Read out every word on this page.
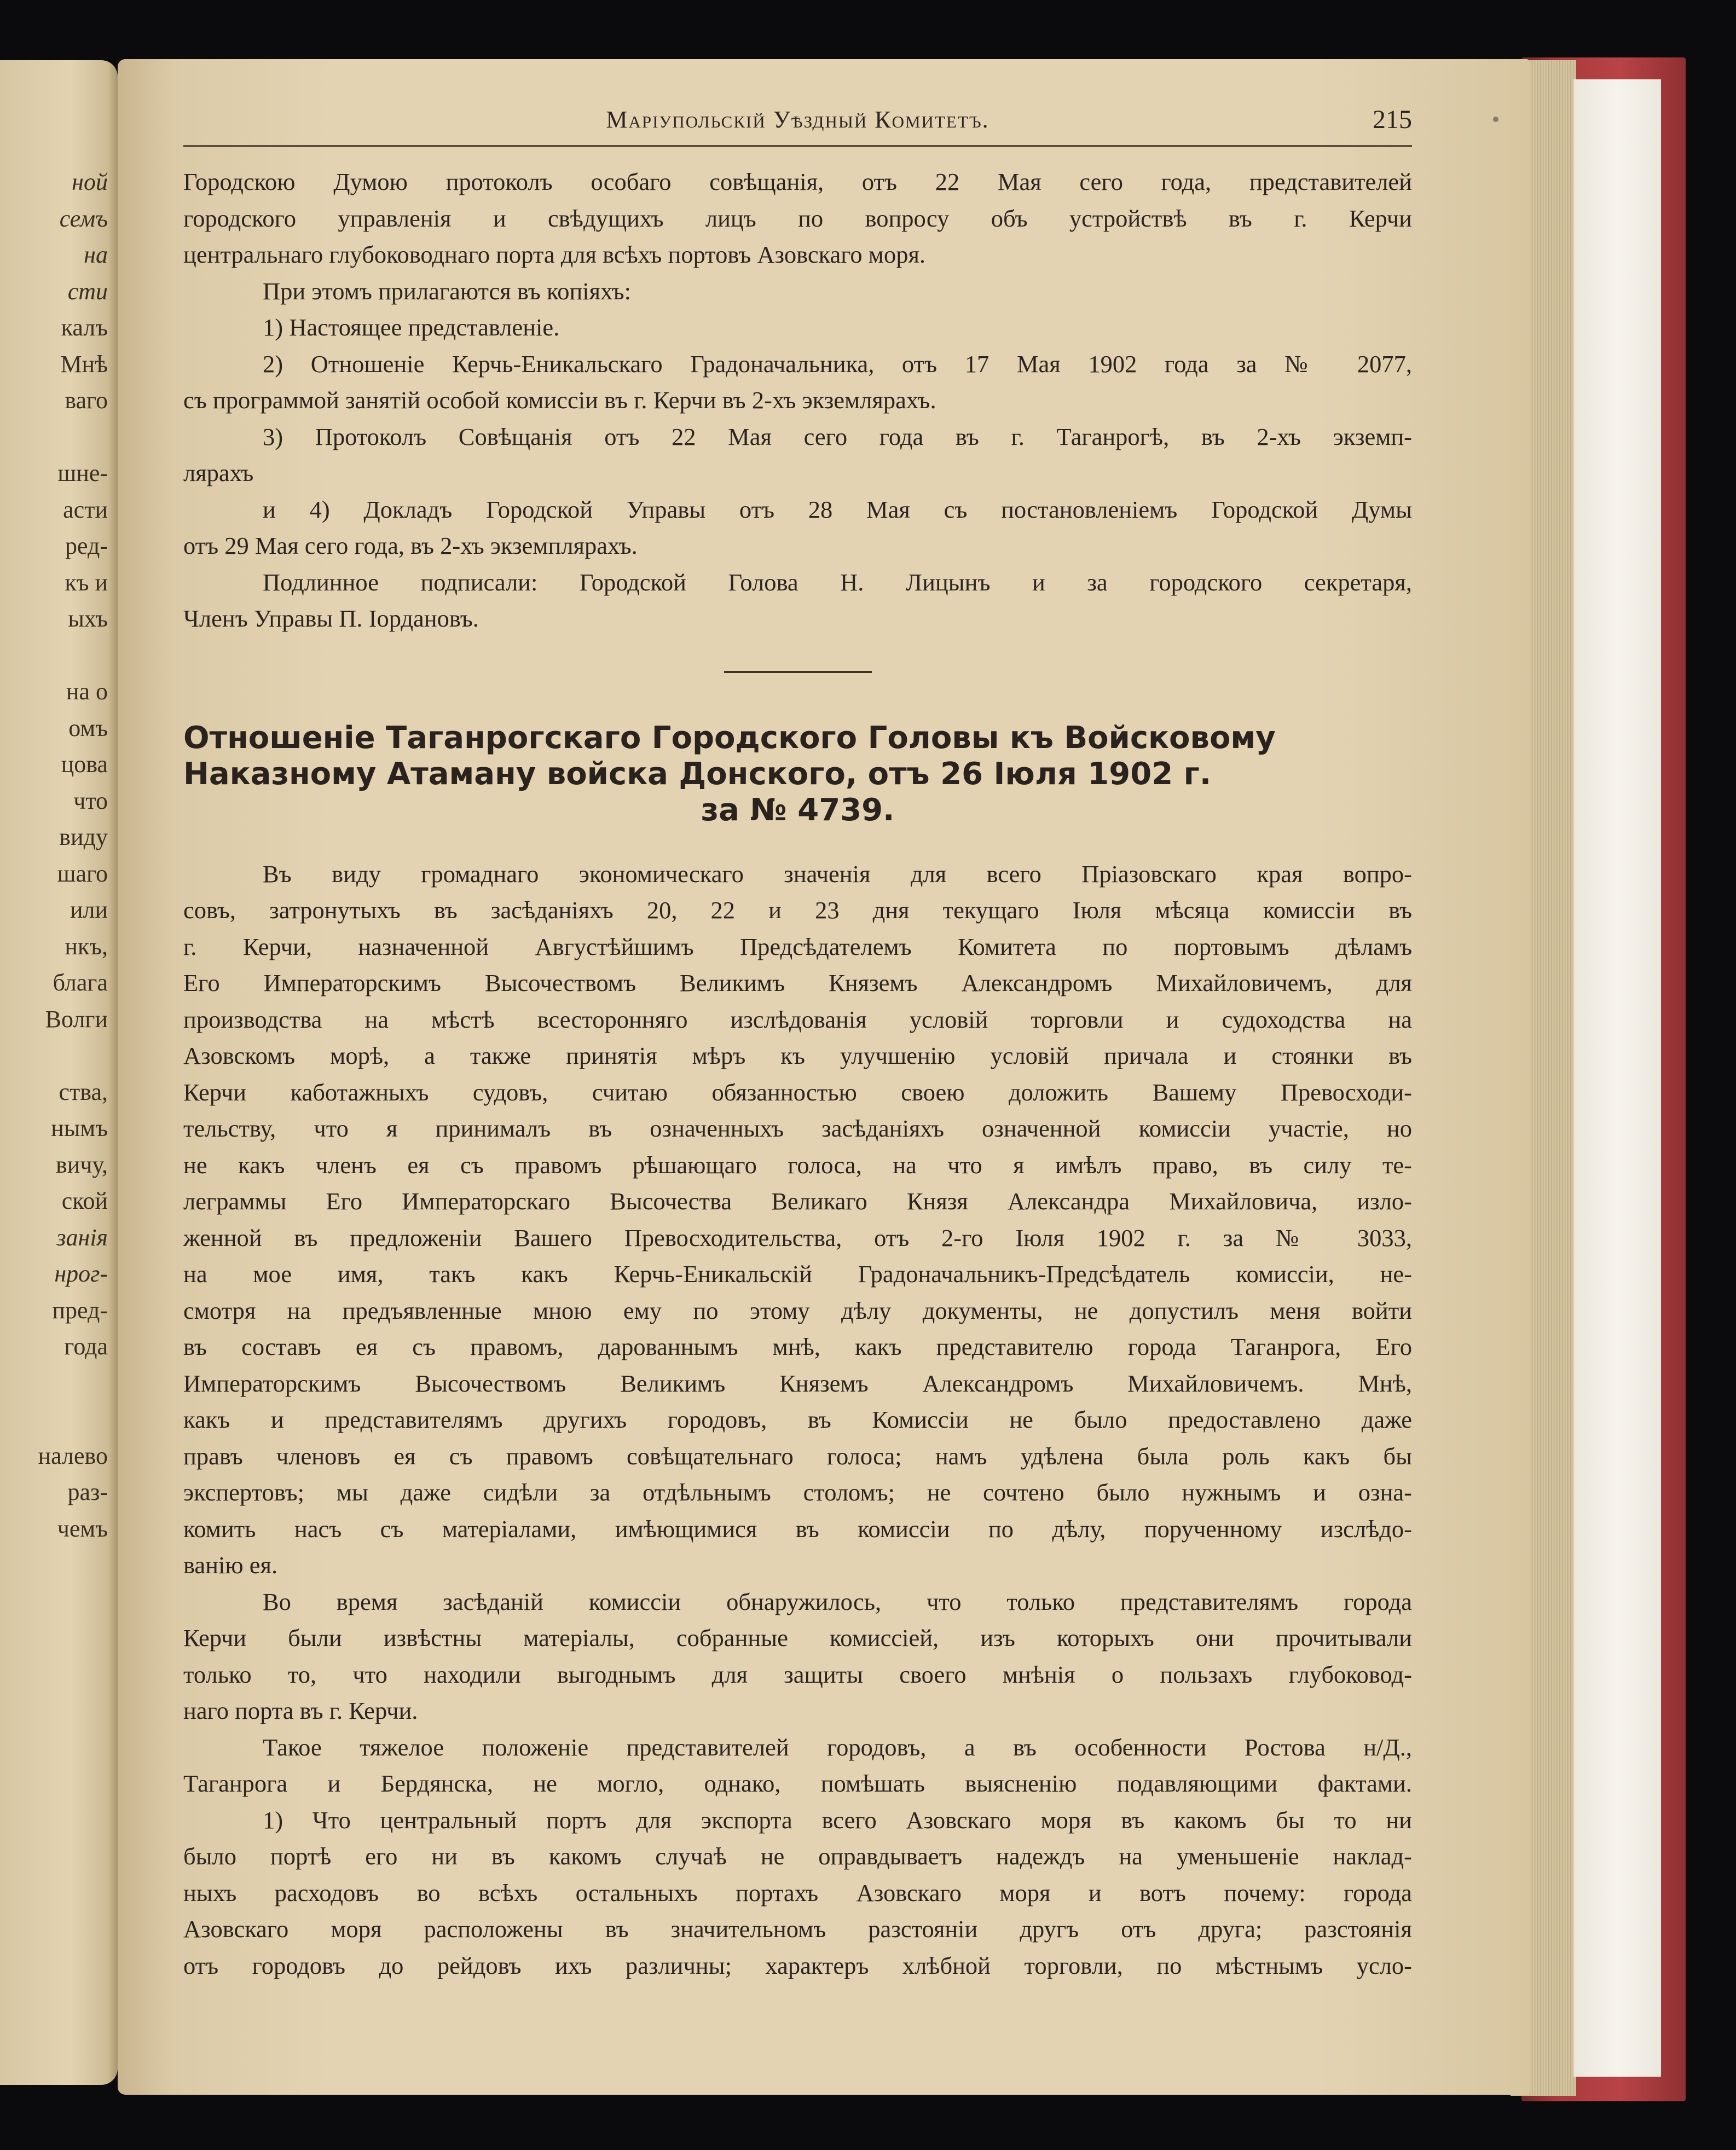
ной
семъ
на
сти
калъ
Мнѣ
ваго
шне-
асти
ред-
къ и
ыхъ
на о
омъ
цова
что
виду
шаго
или
нкъ,
блага
Волги
ства,
нымъ
вичу,
ской
занія
нрог-
пред-
года
налево
раз-
чемъ
Маріупольскій Уѣздный Комитетъ.	215
Городскою Думою протоколъ особаго совѣщанія, отъ 22 Мая сего года, представителей
городского управленія и свѣдущихъ лицъ по вопросу объ устройствѣ въ г. Керчи
центральнаго глубоководнаго порта для всѣхъ портовъ Азовскаго моря.
При этомъ прилагаются въ копіяхъ:
1) Настоящее представленіе.
2) Отношеніе Керчь-Еникальскаго Градоначальника, отъ 17 Мая 1902 года за № 2077,
съ программой занятій особой комиссіи въ г. Керчи въ 2-хъ экземлярахъ.
3) Протоколъ Совѣщанія отъ 22 Мая сего года въ г. Таганрогѣ, въ 2-хъ экземп-
лярахъ
и 4) Докладъ Городской Управы отъ 28 Мая съ постановленіемъ Городской Думы
отъ 29 Мая сего года, въ 2-хъ экземплярахъ.
Подлинное подписали: Городской Голова Н. Лицынъ и за городского секретаря,
Членъ Управы П. Іордановъ.
Отношеніе Таганрогскаго Городского Головы къ Войсковому
Наказному Атаману войска Донского, отъ 26 Іюля 1902 г.
за № 4739.
Въ виду громаднаго экономическаго значенія для всего Пріазовскаго края вопро-
совъ, затронутыхъ въ засѣданіяхъ 20, 22 и 23 дня текущаго Іюля мѣсяца комиссіи въ
г. Керчи, назначенной Августѣйшимъ Предсѣдателемъ Комитета по портовымъ дѣламъ
Его Императорскимъ Высочествомъ Великимъ Княземъ Александромъ Михайловичемъ, для
производства на мѣстѣ всесторонняго изслѣдованія условій торговли и судоходства на
Азовскомъ морѣ, а также принятія мѣръ къ улучшенію условій причала и стоянки въ
Керчи каботажныхъ судовъ, считаю обязанностью своею доложить Вашему Превосходи-
тельству, что я принималъ въ означенныхъ засѣданіяхъ означенной комиссіи участіе, но
не какъ членъ ея съ правомъ рѣшающаго голоса, на что я имѣлъ право, въ силу те-
леграммы Его Императорскаго Высочества Великаго Князя Александра Михайловича, изло-
женной въ предложеніи Вашего Превосходительства, отъ 2-го Іюля 1902 г. за № 3033,
на мое имя, такъ какъ Керчь-Еникальскій Градоначальникъ-Предсѣдатель комиссіи, не-
смотря на предъявленные мною ему по этому дѣлу документы, не допустилъ меня войти
въ составъ ея съ правомъ, дарованнымъ мнѣ, какъ представителю города Таганрога, Его
Императорскимъ Высочествомъ Великимъ Княземъ Александромъ Михайловичемъ. Мнѣ,
какъ и представителямъ другихъ городовъ, въ Комиссіи не было предоставлено даже
правъ членовъ ея съ правомъ совѣщательнаго голоса; намъ удѣлена была роль какъ бы
экспертовъ; мы даже сидѣли за отдѣльнымъ столомъ; не сочтено было нужнымъ и озна-
комить насъ съ матеріалами, имѣющимися въ комиссіи по дѣлу, порученному изслѣдо-
ванію ея.
Во время засѣданій комиссіи обнаружилось, что только представителямъ города
Керчи были извѣстны матеріалы, собранные комиссіей, изъ которыхъ они прочитывали
только то, что находили выгоднымъ для защиты своего мнѣнія о пользахъ глубоковод-
наго порта въ г. Керчи.
Такое тяжелое положеніе представителей городовъ, а въ особенности Ростова н/Д.,
Таганрога и Бердянска, не могло, однако, помѣшать выясненію подавляющими фактами.
1) Что центральный портъ для экспорта всего Азовскаго моря въ какомъ бы то ни
было портѣ его ни въ какомъ случаѣ не оправдываетъ надеждъ на уменьшеніе наклад-
ныхъ расходовъ во всѣхъ остальныхъ портахъ Азовскаго моря и вотъ почему: города
Азовскаго моря расположены въ значительномъ разстояніи другъ отъ друга; разстоянія
отъ городовъ до рейдовъ ихъ различны; характеръ хлѣбной торговли, по мѣстнымъ усло-
